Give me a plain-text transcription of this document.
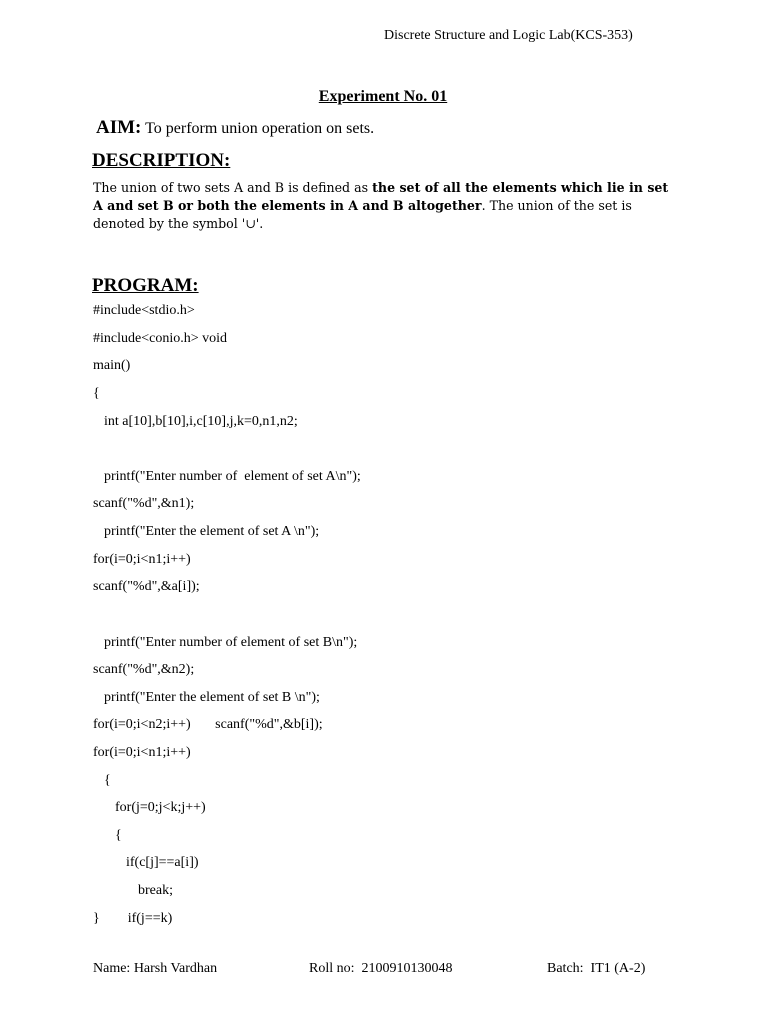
Discrete Structure and Logic Lab(KCS-353)
Experiment No. 01
AIM: To perform union operation on sets.
DESCRIPTION:
The union of two sets A and B is defined as the set of all the elements which lie in set A and set B or both the elements in A and B altogether. The union of the set is denoted by the symbol '∪'.
PROGRAM:
#include<stdio.h>
#include<conio.h> void
main()
{
int a[10],b[10],i,c[10],j,k=0,n1,n2;
printf("Enter number of  element of set A\n");
scanf("%d",&n1);
printf("Enter the element of set A \n");
for(i=0;i<n1;i++)
scanf("%d",&a[i]);
printf("Enter number of element of set B\n");
scanf("%d",&n2);
printf("Enter the element of set B \n");
for(i=0;i<n2;i++)       scanf("%d",&b[i]);
for(i=0;i<n1;i++)
{
for(j=0;j<k;j++)
{
if(c[j]==a[i])
break;
}        if(j==k)
Name: Harsh Vardhan	Roll no:  2100910130048	Batch:  IT1 (A-2)
